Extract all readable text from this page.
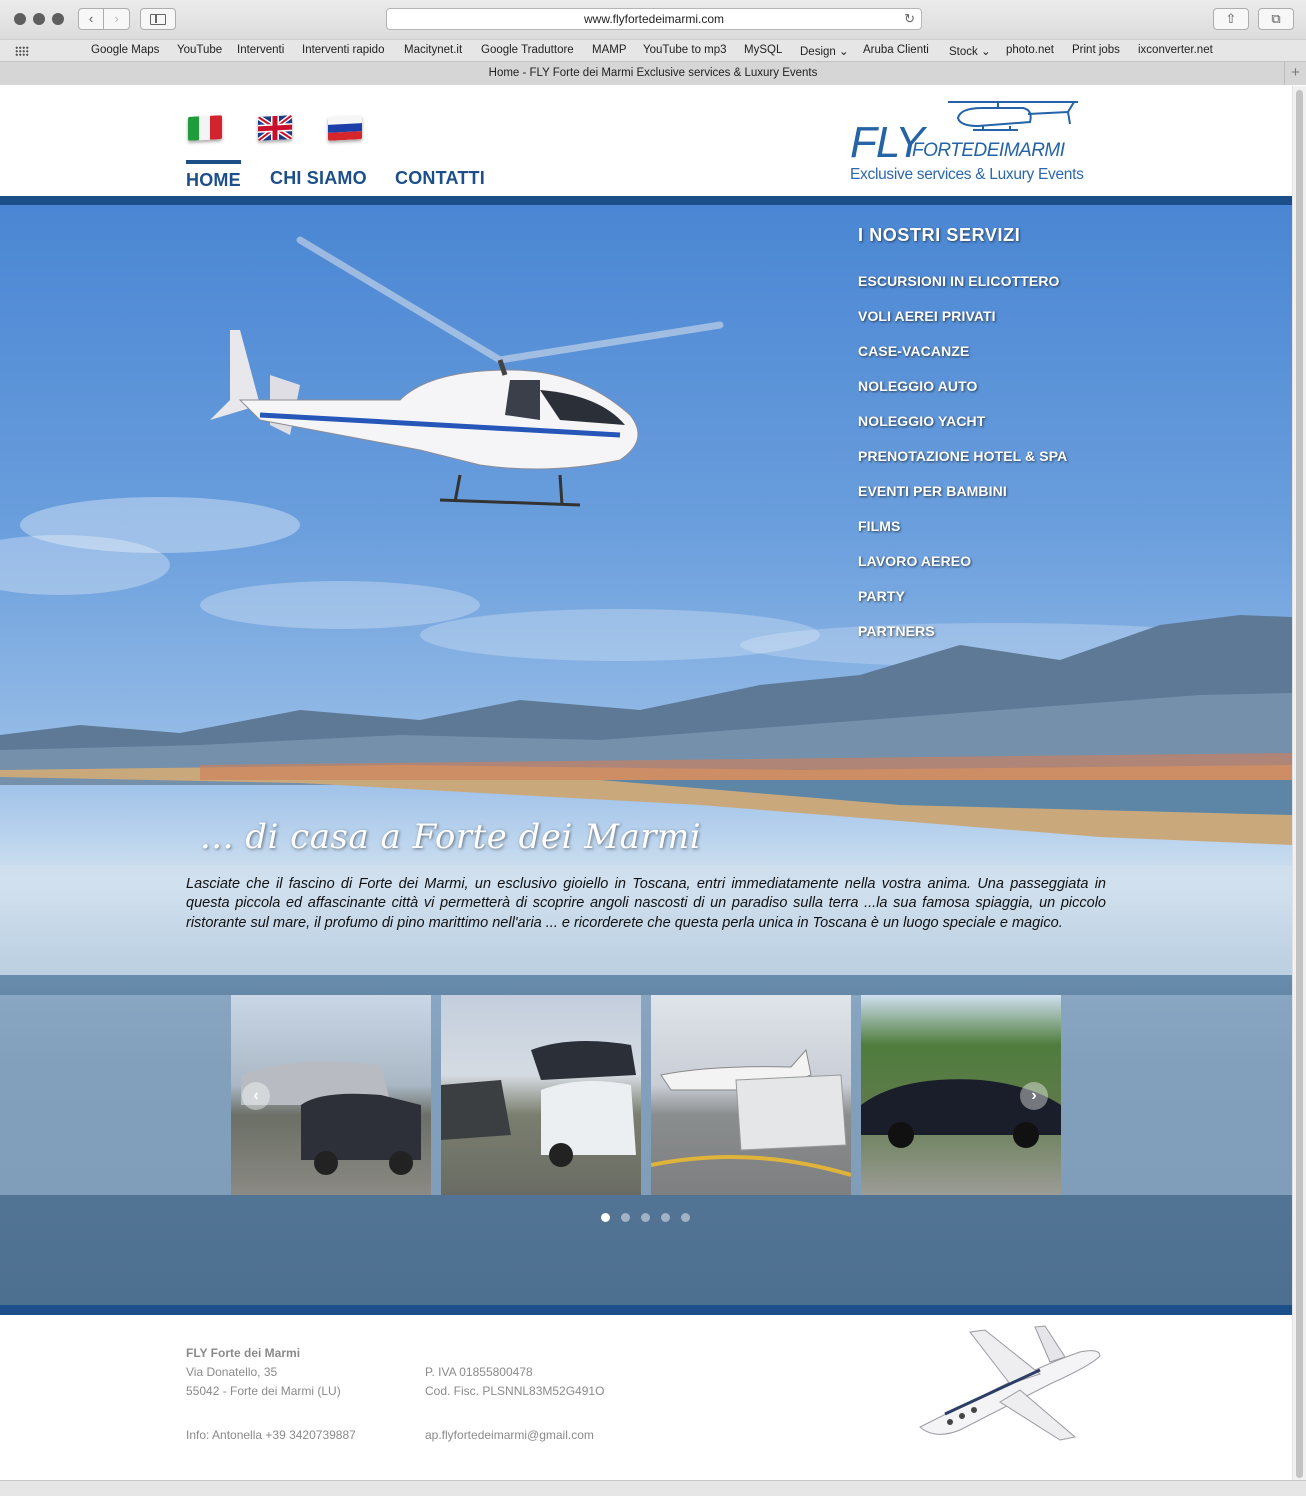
‹	›	www.flyfortedeimarmi.com	↻	⇧	⧉
Google Maps YouTube Interventi Interventi rapido Macitynet.it Google Traduttore MAMP YouTube to mp3 MySQL Design ⌄ Aruba Clienti Stock ⌄ photo.net Print jobs ixconverter.net
Home - FLY Forte dei Marmi Exclusive services & Luxury Events	+
HOME CHI SIAMO CONTATTI
FLY
FORTEDEIMARMI
Exclusive services & Luxury Events
I NOSTRI SERVIZI
ESCURSIONI IN ELICOTTERO
VOLI AEREI PRIVATI
CASE-VACANZE
NOLEGGIO AUTO
NOLEGGIO YACHT
PRENOTAZIONE HOTEL & SPA
EVENTI PER BAMBINI
FILMS
LAVORO AEREO
PARTY
PARTNERS
... di casa a Forte dei Marmi

Lasciate che il fascino di Forte dei Marmi, un esclusivo gioiello in Toscana, entri immediatamente nella vostra anima. Una passeggiata in questa piccola ed affascinante città vi permetterà di scoprire angoli nascosti di un paradiso sulla terra ...la sua famosa spiaggia, un piccolo ristorante sul mare, il profumo di pino marittimo nell'aria ... e ricorderete che questa perla unica in Toscana è un luogo speciale e magico.

‹	›
FLY Forte dei Marmi
Via Donatello, 35
55042 - Forte dei Marmi (LU)
Info: Antonella +39 3420739887
P. IVA 01855800478
Cod. Fisc. PLSNNL83M52G491O
ap.flyfortedeimarmi@gmail.com
